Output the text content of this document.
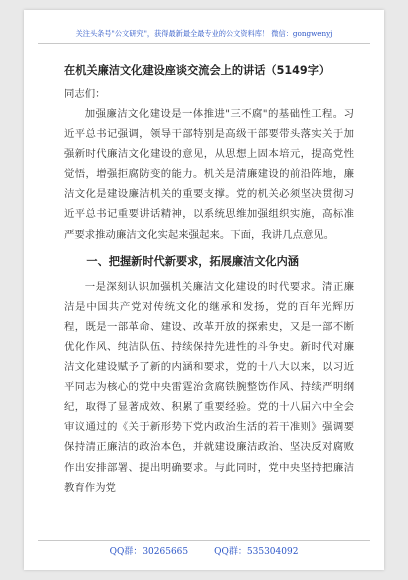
关注头条号"公文研究"，获得最新最全最专业的公文资料库！ 微信：gongwenyj
在机关廉洁文化建设座谈交流会上的讲话（5149字）

同志们：

加强廉洁文化建设是一体推进"三不腐"的基础性工程。习近平总书记强调，领导干部特别是高级干部要带头落实关于加强新时代廉洁文化建设的意见，从思想上固本培元，提高党性觉悟，增强拒腐防变的能力。机关是清廉建设的前沿阵地，廉洁文化是建设廉洁机关的重要支撑。党的机关必须坚决贯彻习近平总书记重要讲话精神，以系统思维加强组织实施，高标准严要求推动廉洁文化实起来强起来。下面，我讲几点意见。

一、把握新时代新要求，拓展廉洁文化内涵

一是深刻认识加强机关廉洁文化建设的时代要求。清正廉洁是中国共产党对传统文化的继承和发扬，党的百年光辉历程，既是一部革命、建设、改革开放的探索史，又是一部不断优化作风、纯洁队伍、持续保持先进性的斗争史。新时代对廉洁文化建设赋予了新的内涵和要求，党的十八大以来，以习近平同志为核心的党中央雷霆治贪腐铁腕整饬作风、持续严明纲纪，取得了显著成效、积累了重要经验。党的十八届六中全会审议通过的《关于新形势下党内政治生活的若干准则》强调要保持清正廉洁的政治本色，并就建设廉洁政治、坚决反对腐败作出安排部署、提出明确要求。与此同时，党中央坚持把廉洁教育作为党

QQ群：30265665	QQ群：535304092
